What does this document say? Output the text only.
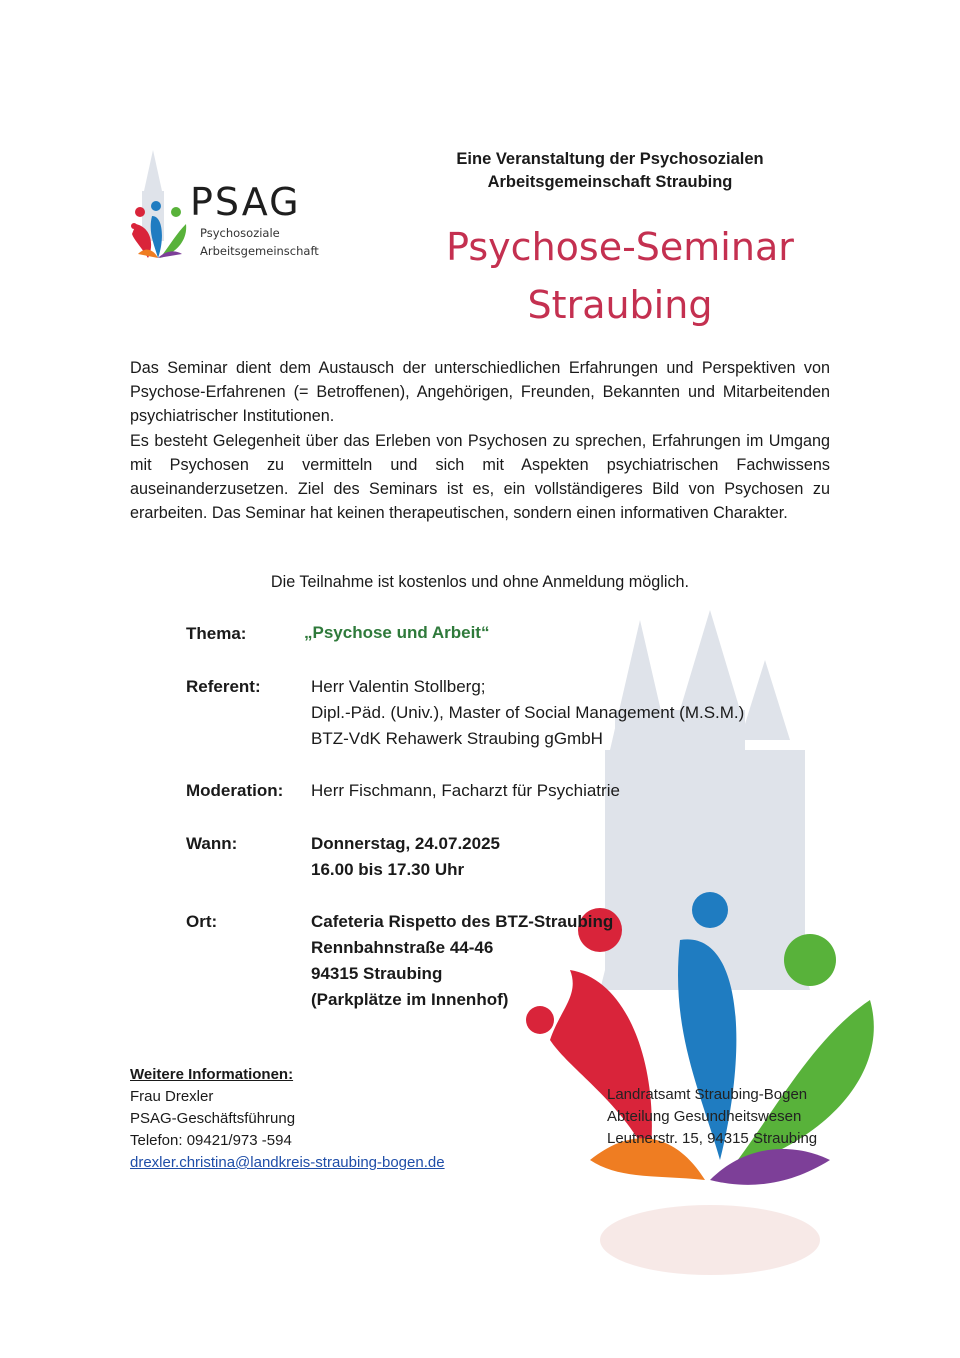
PSAG
Psychosoziale
Arbeitsgemeinschaft
Eine Veranstaltung der Psychosozialen
Arbeitsgemeinschaft Straubing
Psychose-Seminar
Straubing

Das Seminar dient dem Austausch der unterschiedlichen Erfahrungen und Perspektiven von Psychose-Erfahrenen (= Betroffenen), Angehörigen, Freunden, Bekannten und Mitarbeitenden psychiatrischer Institutionen.

Es besteht Gelegenheit über das Erleben von Psychosen zu sprechen, Erfahrungen im Umgang mit Psychosen zu vermitteln und sich mit Aspekten psychiatrischen Fachwissens auseinanderzusetzen. Ziel des Seminars ist es, ein vollständigeres Bild von Psychosen zu erarbeiten. Das Seminar hat keinen therapeutischen, sondern einen informativen Charakter.

Die Teilnahme ist kostenlos und ohne Anmeldung möglich.
Thema:	„Psychose und Arbeit“
Referent:	Herr Valentin Stollberg;
Dipl.-Päd. (Univ.), Master of Social Management (M.S.M.)
BTZ-VdK Rehawerk Straubing gGmbH
Moderation: Herr Fischmann, Facharzt für Psychiatrie
Wann:	Donnerstag, 24.07.2025
16.00 bis 17.30 Uhr
Ort:	Cafeteria Rispetto des BTZ-Straubing
Rennbahnstraße 44-46
94315 Straubing
(Parkplätze im Innenhof)
Weitere Informationen:
Frau Drexler
PSAG-Geschäftsführung
Telefon: 09421/973 -594
drexler.christina@landkreis-straubing-bogen.de
Landratsamt Straubing-Bogen
Abteilung Gesundheitswesen
Leutnerstr. 15, 94315 Straubing
